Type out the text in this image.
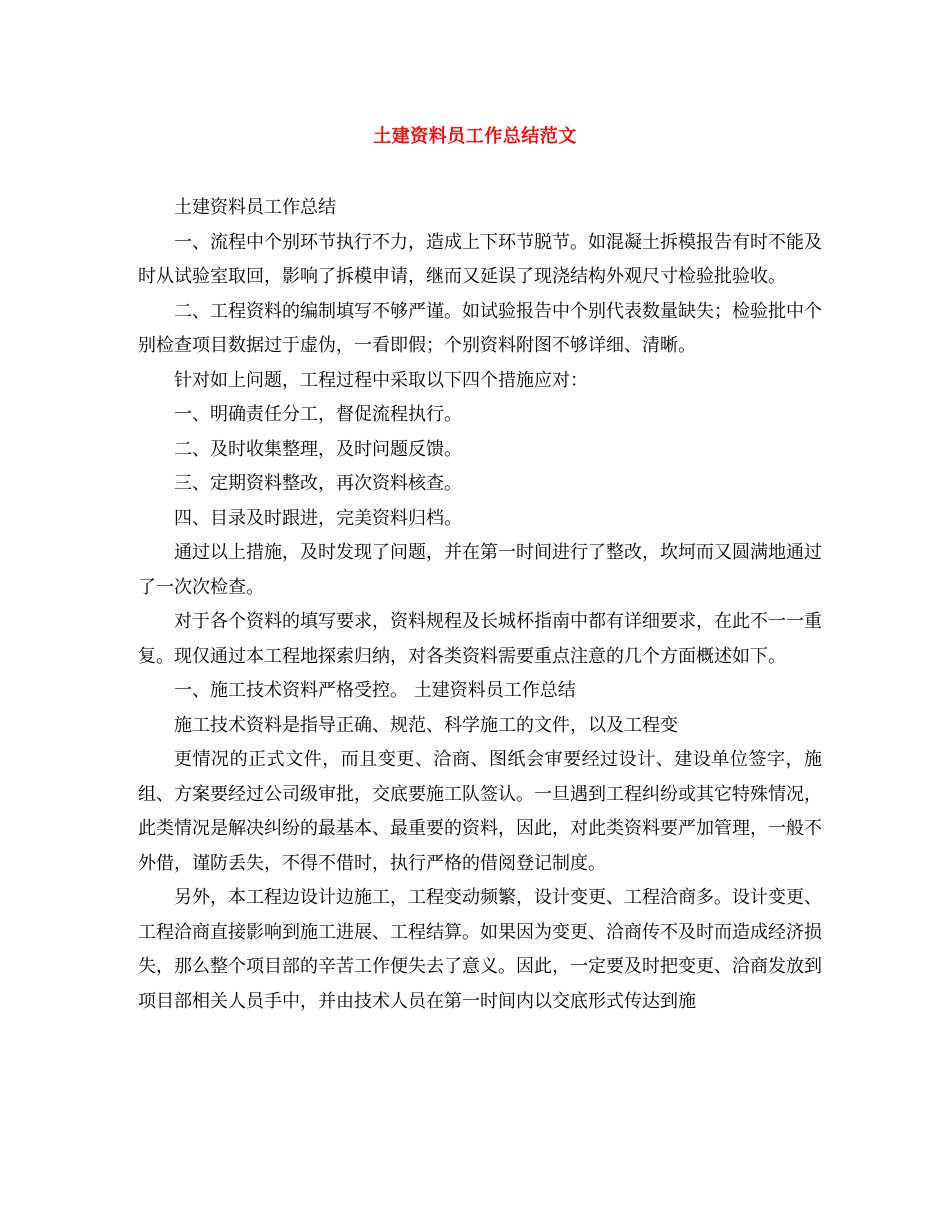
土建资料员工作总结范文

土建资料员工作总结

一、流程中个别环节执行不力，造成上下环节脱节。如混凝土拆模报告有时不能及时从试验室取回，影响了拆模申请，继而又延误了现浇结构外观尺寸检验批验收。

二、工程资料的编制填写不够严谨。如试验报告中个别代表数量缺失；检验批中个别检查项目数据过于虚伪，一看即假；个别资料附图不够详细、清晰。

针对如上问题，工程过程中采取以下四个措施应对：

一、明确责任分工，督促流程执行。

二、及时收集整理，及时问题反馈。

三、定期资料整改，再次资料核查。

四、目录及时跟进，完美资料归档。

通过以上措施，及时发现了问题，并在第一时间进行了整改，坎坷而又圆满地通过了一次次检查。

对于各个资料的填写要求，资料规程及长城杯指南中都有详细要求，在此不一一重复。现仅通过本工程地探索归纳，对各类资料需要重点注意的几个方面概述如下。

一、施工技术资料严格受控。 土建资料员工作总结

施工技术资料是指导正确、规范、科学施工的文件，以及工程变

更情况的正式文件，而且变更、洽商、图纸会审要经过设计、建设单位签字，施组、方案要经过公司级审批，交底要施工队签认。一旦遇到工程纠纷或其它特殊情况，此类情况是解决纠纷的最基本、最重要的资料，因此，对此类资料要严加管理，一般不外借，谨防丢失，不得不借时，执行严格的借阅登记制度。

另外，本工程边设计边施工，工程变动频繁，设计变更、工程洽商多。设计变更、工程洽商直接影响到施工进展、工程结算。如果因为变更、洽商传不及时而造成经济损失，那么整个项目部的辛苦工作便失去了意义。因此，一定要及时把变更、洽商发放到项目部相关人员手中，并由技术人员在第一时间内以交底形式传达到施
